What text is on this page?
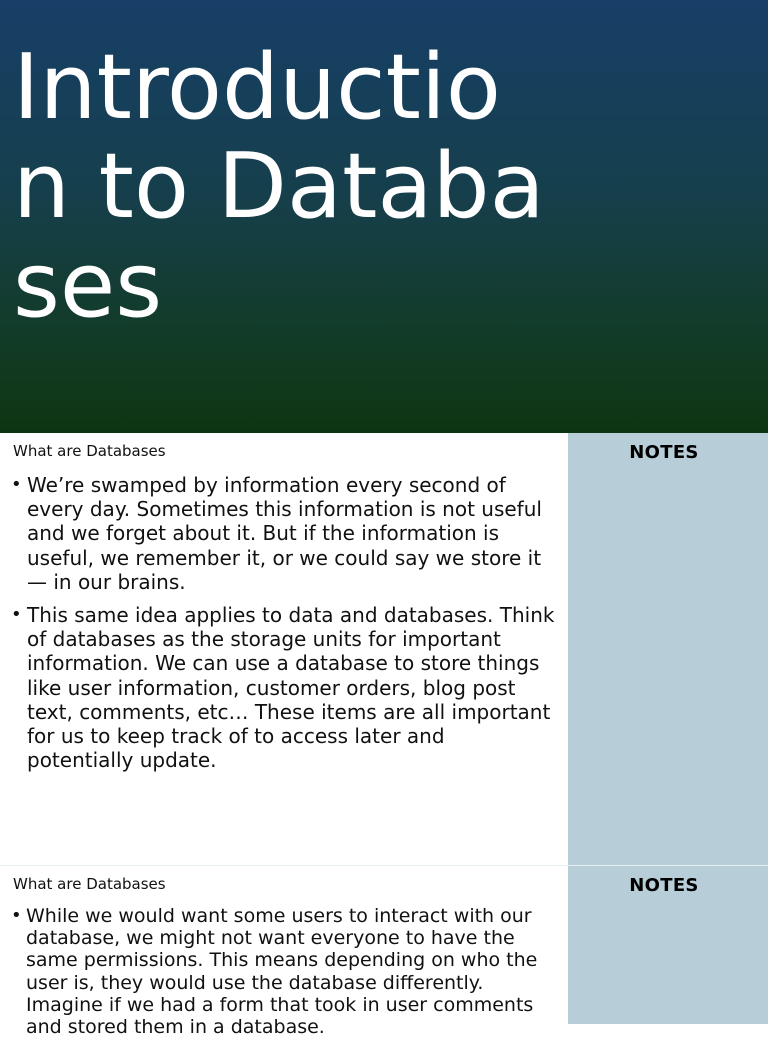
Introduction to Databases
What are Databases
• We’re swamped by information every second of every day. Sometimes this information is not useful and we forget about it. But if the information is useful, we remember it, or we could say we store it — in our brains.
• This same idea applies to data and databases. Think of databases as the storage units for important information. We can use a database to store things like user information, customer orders, blog post text, comments, etc… These items are all important for us to keep track of to access later and potentially update.
NOTES
What are Databases
• While we would want some users to interact with our database, we might not want everyone to have the same permissions. This means depending on who the user is, they would use the database differently. Imagine if we had a form that took in user comments and stored them in a database.
NOTES
